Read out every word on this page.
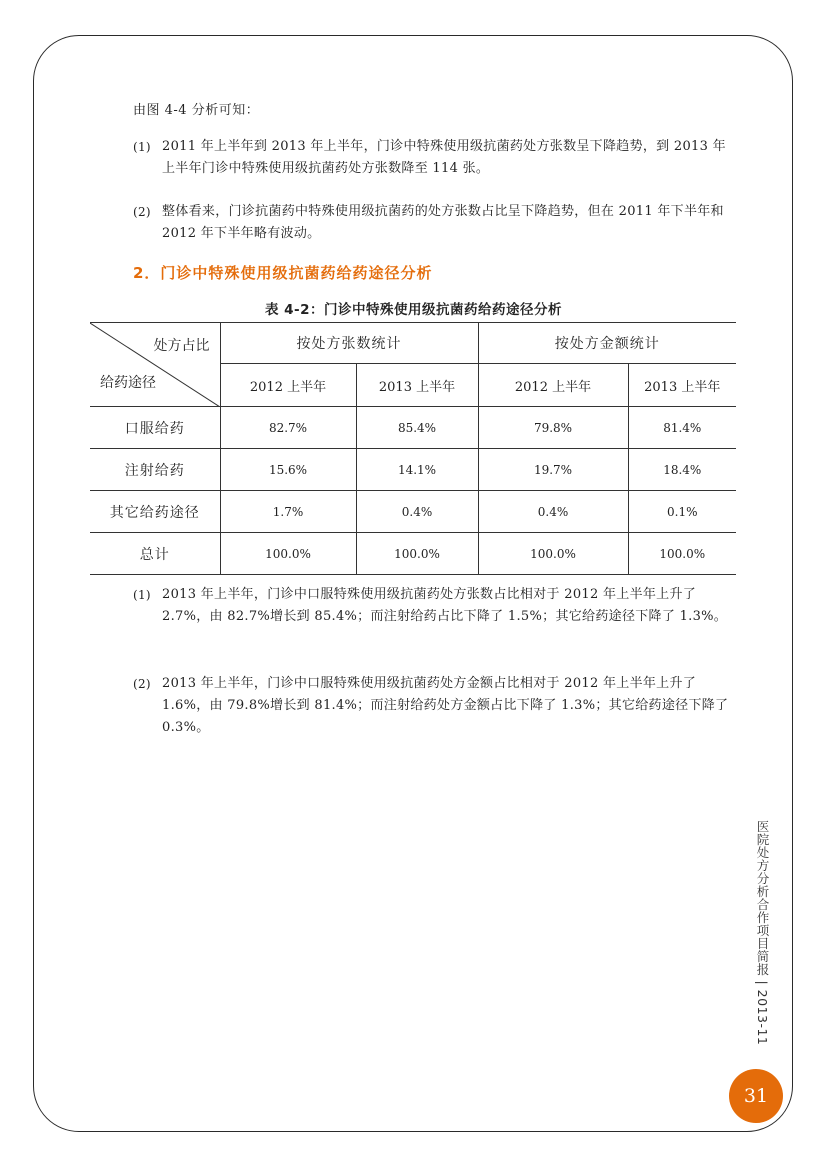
由图 4-4 分析可知：
(1) 2011 年上半年到 2013 年上半年，门诊中特殊使用级抗菌药处方张数呈下降趋势，到 2013 年上半年门诊中特殊使用级抗菌药处方张数降至 114 张。
(2) 整体看来，门诊抗菌药中特殊使用级抗菌药的处方张数占比呈下降趋势，但在 2011 年下半年和 2012 年下半年略有波动。
2．门诊中特殊使用级抗菌药给药途径分析
表 4-2：门诊中特殊使用级抗菌药给药途径分析
处方占比
给药途径	按处方张数统计		按处方金额统计	
	2012 上半年	2013 上半年	2012 上半年	2013 上半年
口服给药	82.7%	85.4%	79.8%	81.4%
注射给药	15.6%	14.1%	19.7%	18.4%
其它给药途径	1.7%	0.4%	0.4%	0.1%
总计	100.0%	100.0%	100.0%	100.0%
(1) 2013 年上半年，门诊中口服特殊使用级抗菌药处方张数占比相对于 2012 年上半年上升了 2.7%，由 82.7%增长到 85.4%；而注射给药占比下降了 1.5%；其它给药途径下降了 1.3%。
(2) 2013 年上半年，门诊中口服特殊使用级抗菌药处方金额占比相对于 2012 年上半年上升了 1.6%，由 79.8%增长到 81.4%；而注射给药处方金额占比下降了 1.3%；其它给药途径下降了 0.3%。
医院处方分析合作项目简报 | 2013-11
31
